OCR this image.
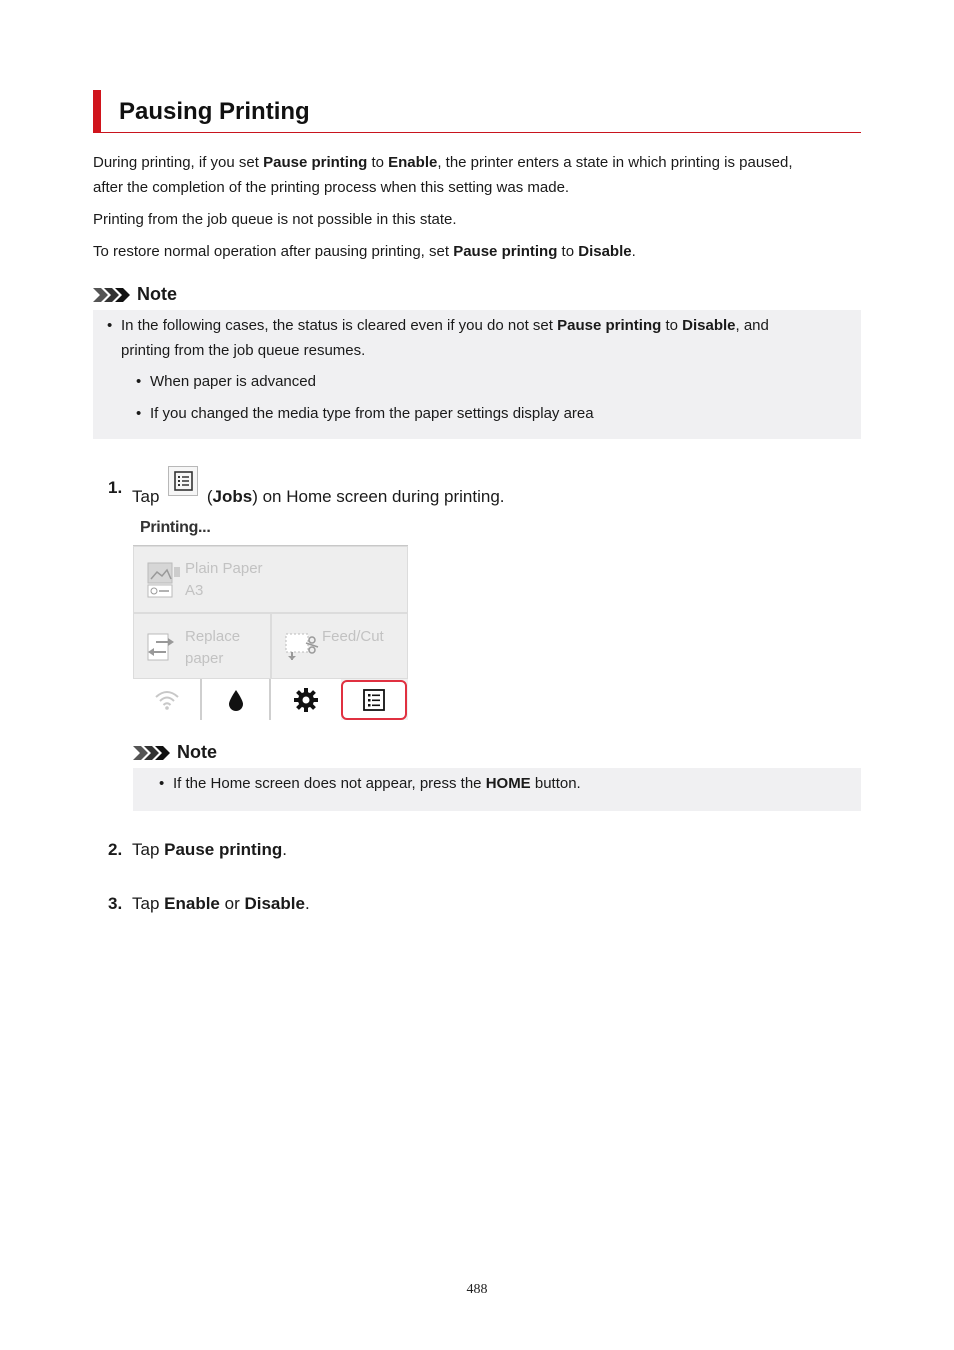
Pausing Printing

During printing, if you set Pause printing to Enable, the printer enters a state in which printing is paused,
after the completion of the printing process when this setting was made.

Printing from the job queue is not possible in this state.

To restore normal operation after pausing printing, set Pause printing to Disable.

Note
• In the following cases, the status is cleared even if you do not set Pause printing to Disable, and
printing from the job queue resumes.
• When paper is advanced
• If you changed the media type from the paper settings display area
1. Tap  (Jobs) on Home screen during printing.
Printing...
Plain Paper
A3
Replace
paper
Feed/Cut
Note
• If the Home screen does not appear, press the HOME button.
2. Tap Pause printing.
3. Tap Enable or Disable.
488
